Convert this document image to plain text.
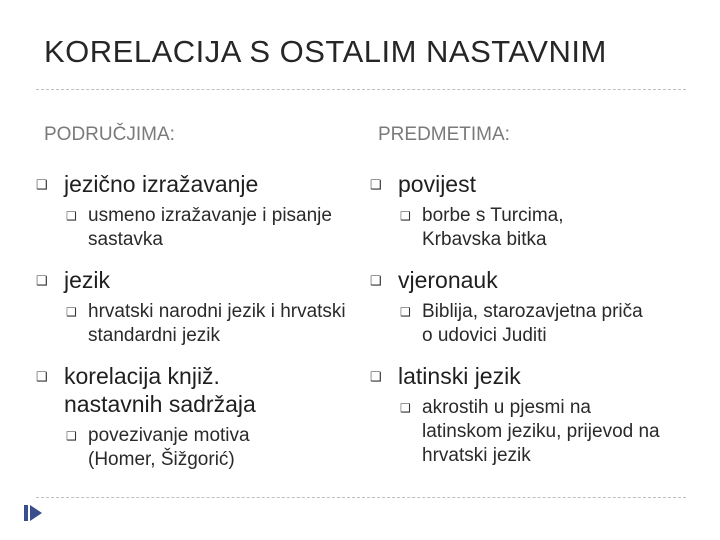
KORELACIJA S OSTALIM NASTAVNIM
PODRUČJIMA:	PREDMETIMA:
❑ jezično izražavanje
❑ usmeno izražavanje i pisanje sastavka
❑ jezik
❑ hrvatski narodni jezik i hrvatski standardni jezik
❑ korelacija knjiž. nastavnih sadržaja
❑ povezivanje motiva (Homer, Šižgorić)
❑ povijest
❑ borbe s Turcima, Krbavska bitka
❑ vjeronauk
❑ Biblija, starozavjetna priča o udovici Juditi
❑ latinski jezik
❑ akrostih u pjesmi na latinskom jeziku, prijevod na hrvatski jezik
